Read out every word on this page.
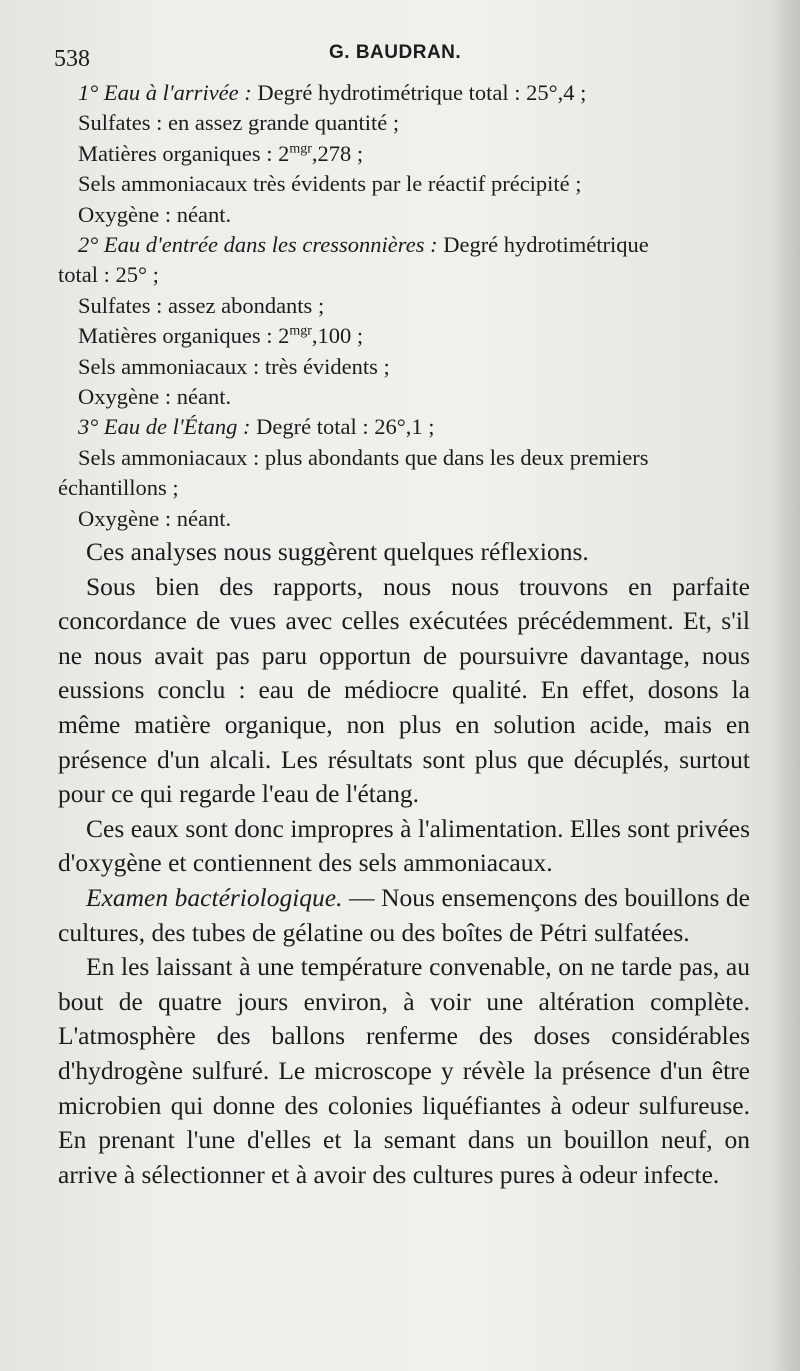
538	G. BAUDRAN.

1° Eau à l'arrivée : Degré hydrotimétrique total : 25°,4 ;

Sulfates : en assez grande quantité ;

Matières organiques : $2^{mgr},278$ ;

Sels ammoniacaux très évidents par le réactif précipité ;

Oxygène : néant.

2° Eau d'entrée dans les cressonnières : Degré hydrotimétrique

total : 25° ;

Sulfates : assez abondants ;

Matières organiques : $2^{mgr},100$ ;

Sels ammoniacaux : très évidents ;

Oxygène : néant.

3° Eau de l'Étang : Degré total : 26°,1 ;

Sels ammoniacaux : plus abondants que dans les deux premiers

échantillons ;

Oxygène : néant.

Ces analyses nous suggèrent quelques réflexions.

Sous bien des rapports, nous nous trouvons en parfaite concordance de vues avec celles exécutées précédemment. Et, s'il ne nous avait pas paru opportun de poursuivre davantage, nous eussions conclu : eau de médiocre qualité. En effet, dosons la même matière organique, non plus en solution acide, mais en présence d'un alcali. Les résultats sont plus que décuplés, surtout pour ce qui regarde l'eau de l'étang.

Ces eaux sont donc impropres à l'alimentation. Elles sont privées d'oxygène et contiennent des sels ammoniacaux.

Examen bactériologique. — Nous ensemençons des bouillons de cultures, des tubes de gélatine ou des boîtes de Pétri sulfatées.

En les laissant à une température convenable, on ne tarde pas, au bout de quatre jours environ, à voir une altération complète. L'atmosphère des ballons renferme des doses considérables d'hydrogène sulfuré. Le microscope y révèle la présence d'un être microbien qui donne des colonies liquéfiantes à odeur sulfureuse. En prenant l'une d'elles et la semant dans un bouillon neuf, on arrive à sélectionner et à avoir des cultures pures à odeur infecte.
